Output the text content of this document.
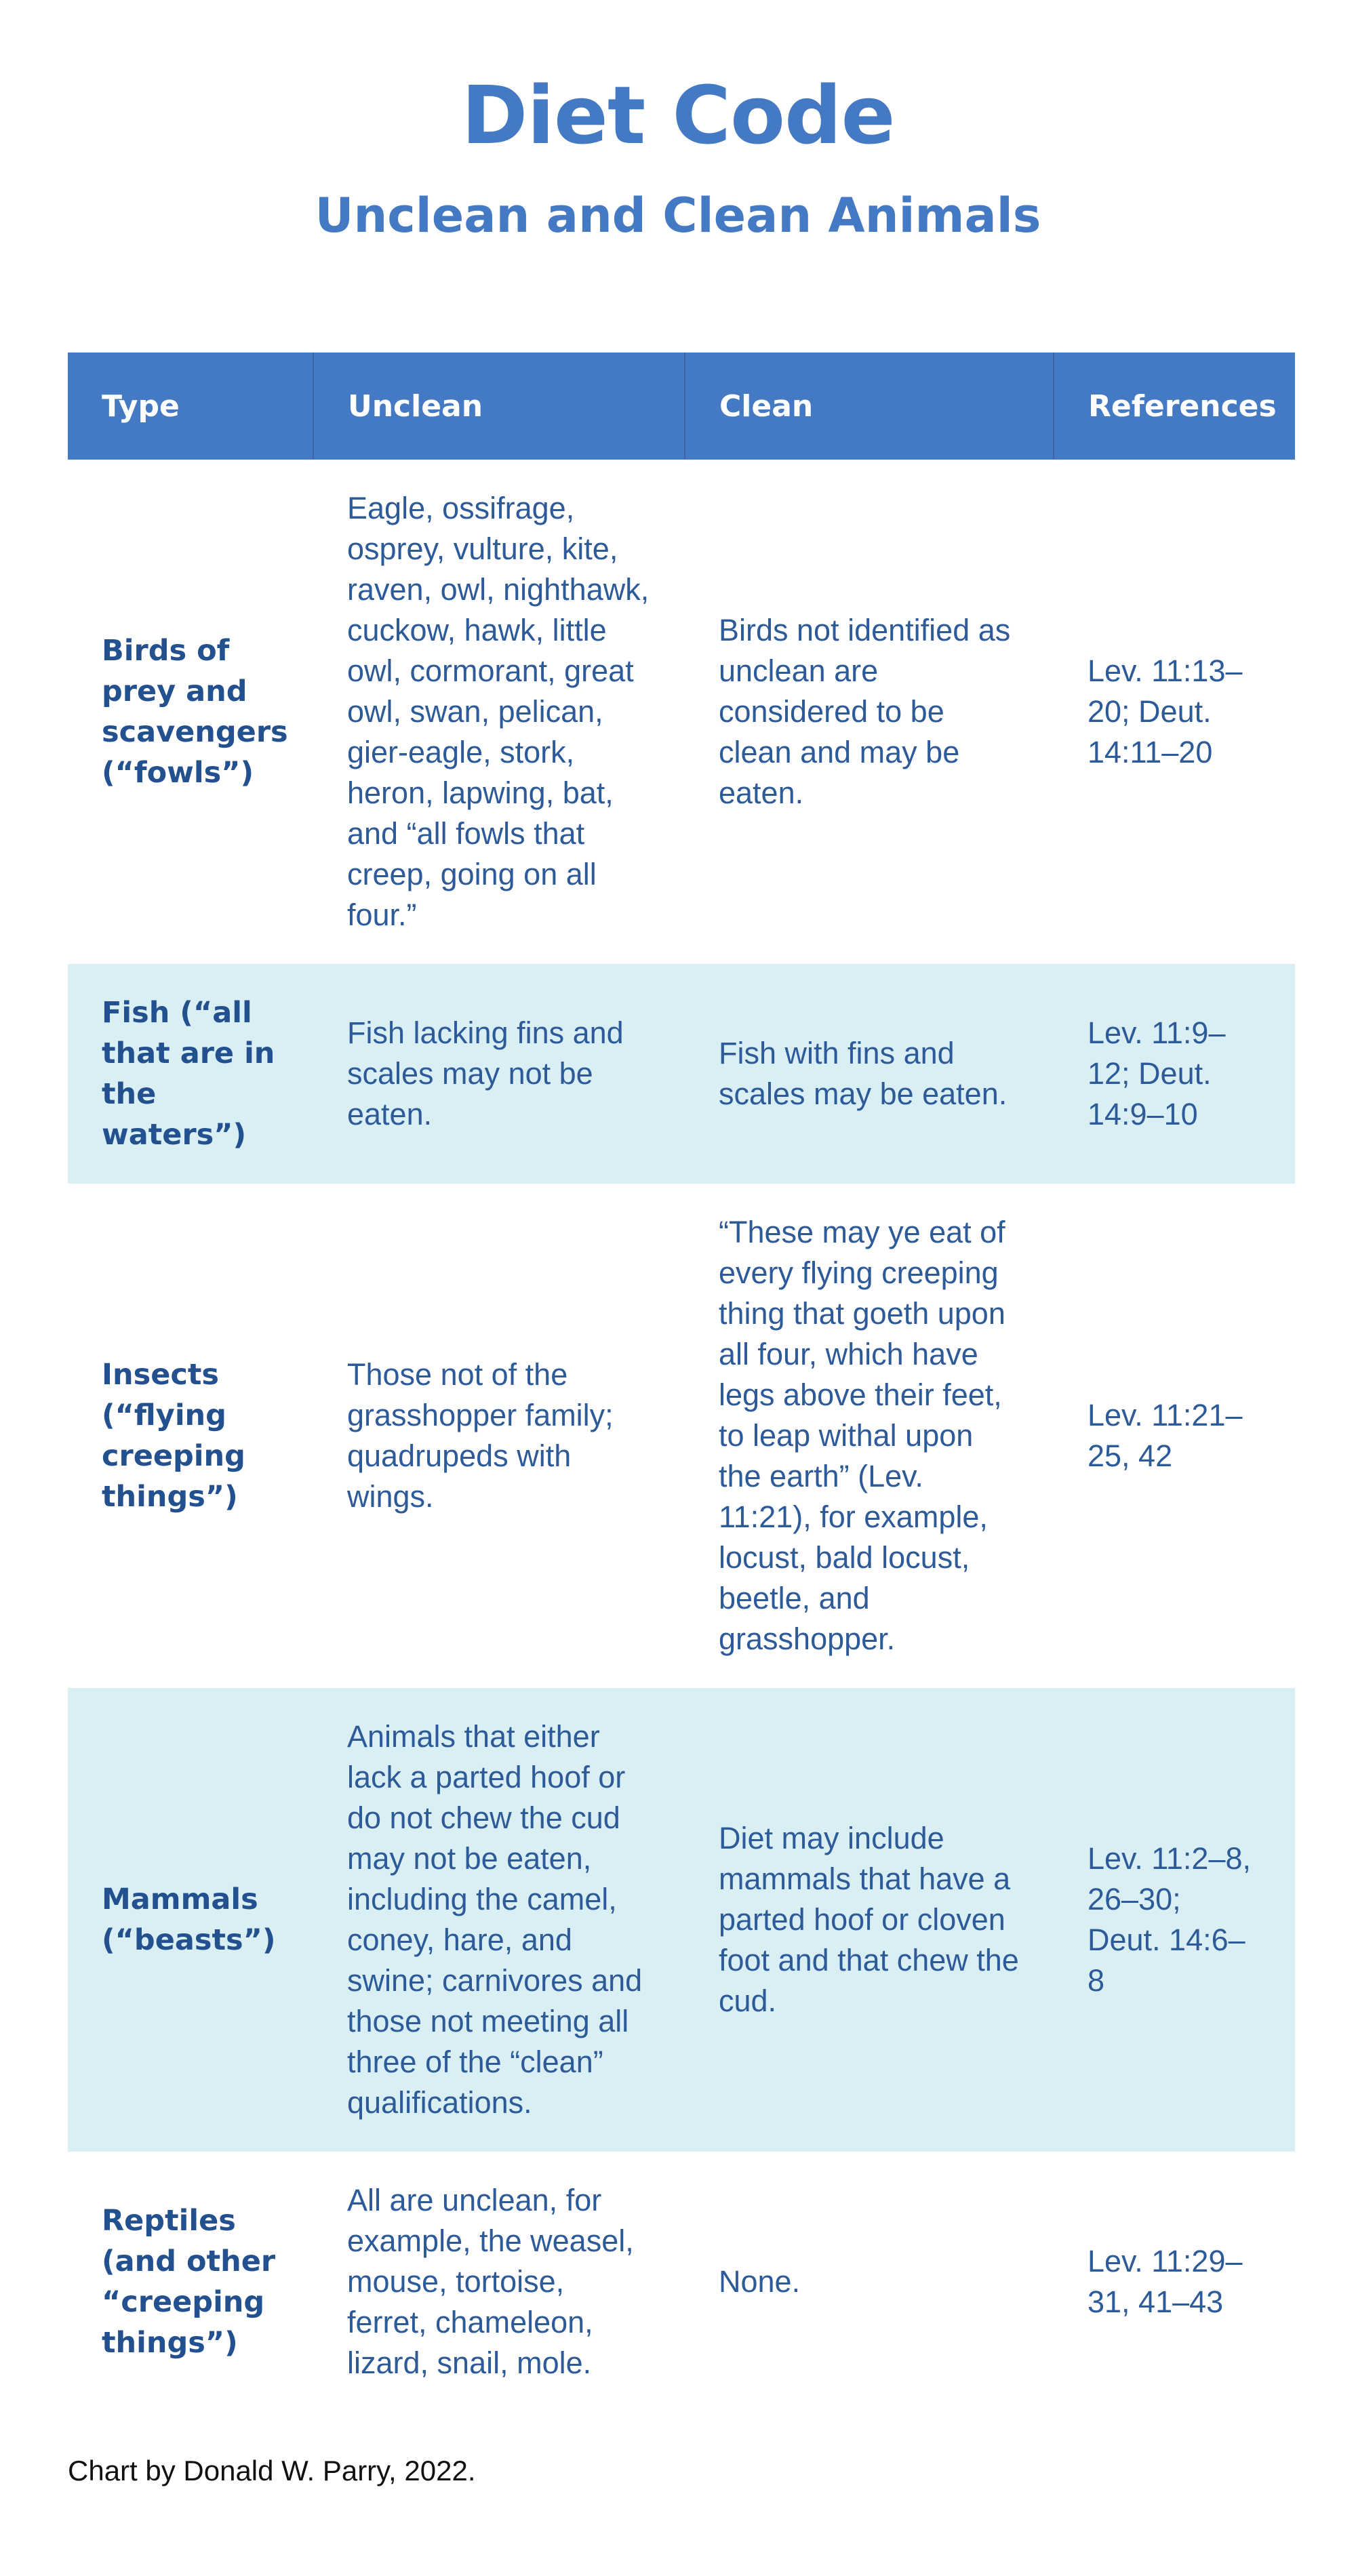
Diet Code
Unclean and Clean Animals
Type	Unclean	Clean	References
Birds of prey and scavengers (“fowls”)	Eagle, ossifrage, osprey, vulture, kite, raven, owl, nighthawk, cuckow, hawk, little owl, cormorant, great owl, swan, pelican, gier-eagle, stork, heron, lapwing, bat, and “all fowls that creep, going on all four.”	Birds not identified as unclean are considered to be clean and may be eaten.	Lev. 11:13–20; Deut. 14:11–20
Fish (“all that are in the waters”)	Fish lacking fins and scales may not be eaten.	Fish with fins and scales may be eaten.	Lev. 11:9–12; Deut. 14:9–10
Insects (“flying creeping things”)	Those not of the grasshopper family; quadrupeds with wings.	“These may ye eat of every flying creeping thing that goeth upon all four, which have legs above their feet, to leap withal upon the earth” (Lev. 11:21), for example, locust, bald locust, beetle, and grasshopper.	Lev. 11:21–25, 42
Mammals (“beasts”)	Animals that either lack a parted hoof or do not chew the cud may not be eaten, including the camel, coney, hare, and swine; carnivores and those not meeting all three of the “clean” qualifications.	Diet may include mammals that have a parted hoof or cloven foot and that chew the cud.	Lev. 11:2–8, 26–30; Deut. 14:6–8
Reptiles (and other “creeping things”)	All are unclean, for example, the weasel, mouse, tortoise, ferret, chameleon, lizard, snail, mole.	None.	Lev. 11:29–31, 41–43

Chart by Donald W. Parry, 2022.
